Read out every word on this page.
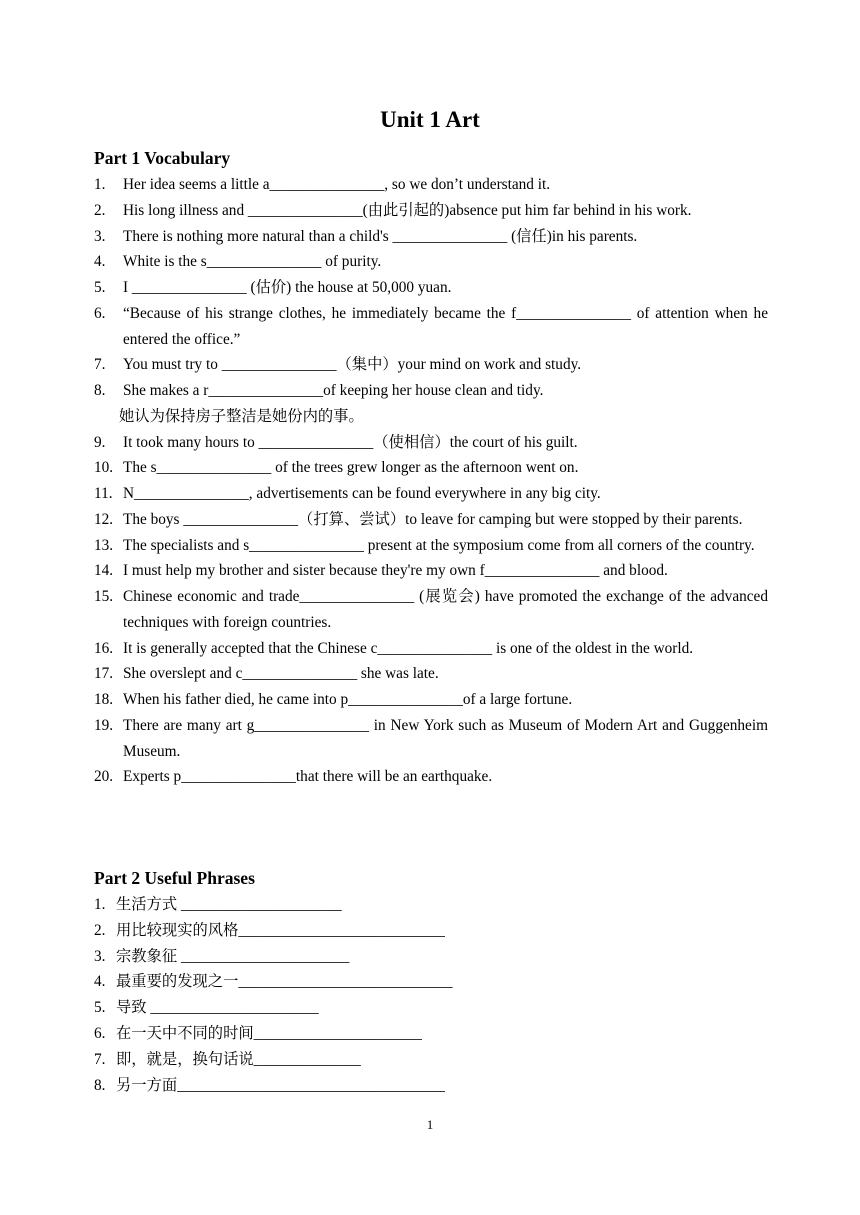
Unit 1 Art
Part 1 Vocabulary
1. Her idea seems a little a_______________, so we don’t understand it.
2. His long illness and _______________(由此引起的)absence put him far behind in his work.
3. There is nothing more natural than a child's _______________ (信任)in his parents.
4. White is the s_______________ of purity.
5. I _______________ (估价) the house at 50,000 yuan.
6. “Because of his strange clothes, he immediately became the f_______________ of attention when he entered the office.”
7. You must try to _______________（集中）your mind on work and study.
8. She makes a r_______________of keeping her house clean and tidy.
她认为保持房子整洁是她份内的事。
9. It took many hours to _______________（使相信）the court of his guilt.
10. The s_______________ of the trees grew longer as the afternoon went on.
11. N_______________, advertisements can be found everywhere in any big city.
12. The boys _______________（打算、尝试）to leave for camping but were stopped by their parents.
13. The specialists and s_______________ present at the symposium come from all corners of the country.
14. I must help my brother and sister because they're my own f_______________ and blood.
15. Chinese economic and trade_______________ (展览会) have promoted the exchange of the advanced techniques with foreign countries.
16. It is generally accepted that the Chinese c_______________ is one of the oldest in the world.
17. She overslept and c_______________ she was late.
18. When his father died, he came into p_______________of a large fortune.
19. There are many art g_______________ in New York such as Museum of Modern Art and Guggenheim Museum.
20. Experts p_______________that there will be an earthquake.
Part 2 Useful Phrases
1. 生活方式 _____________________
2. 用比较现实的风格___________________________
3. 宗教象征 ______________________
4. 最重要的发现之一____________________________
5. 导致 ______________________
6. 在一天中不同的时间______________________
7. 即，就是，换句话说______________
8. 另一方面___________________________________
1
